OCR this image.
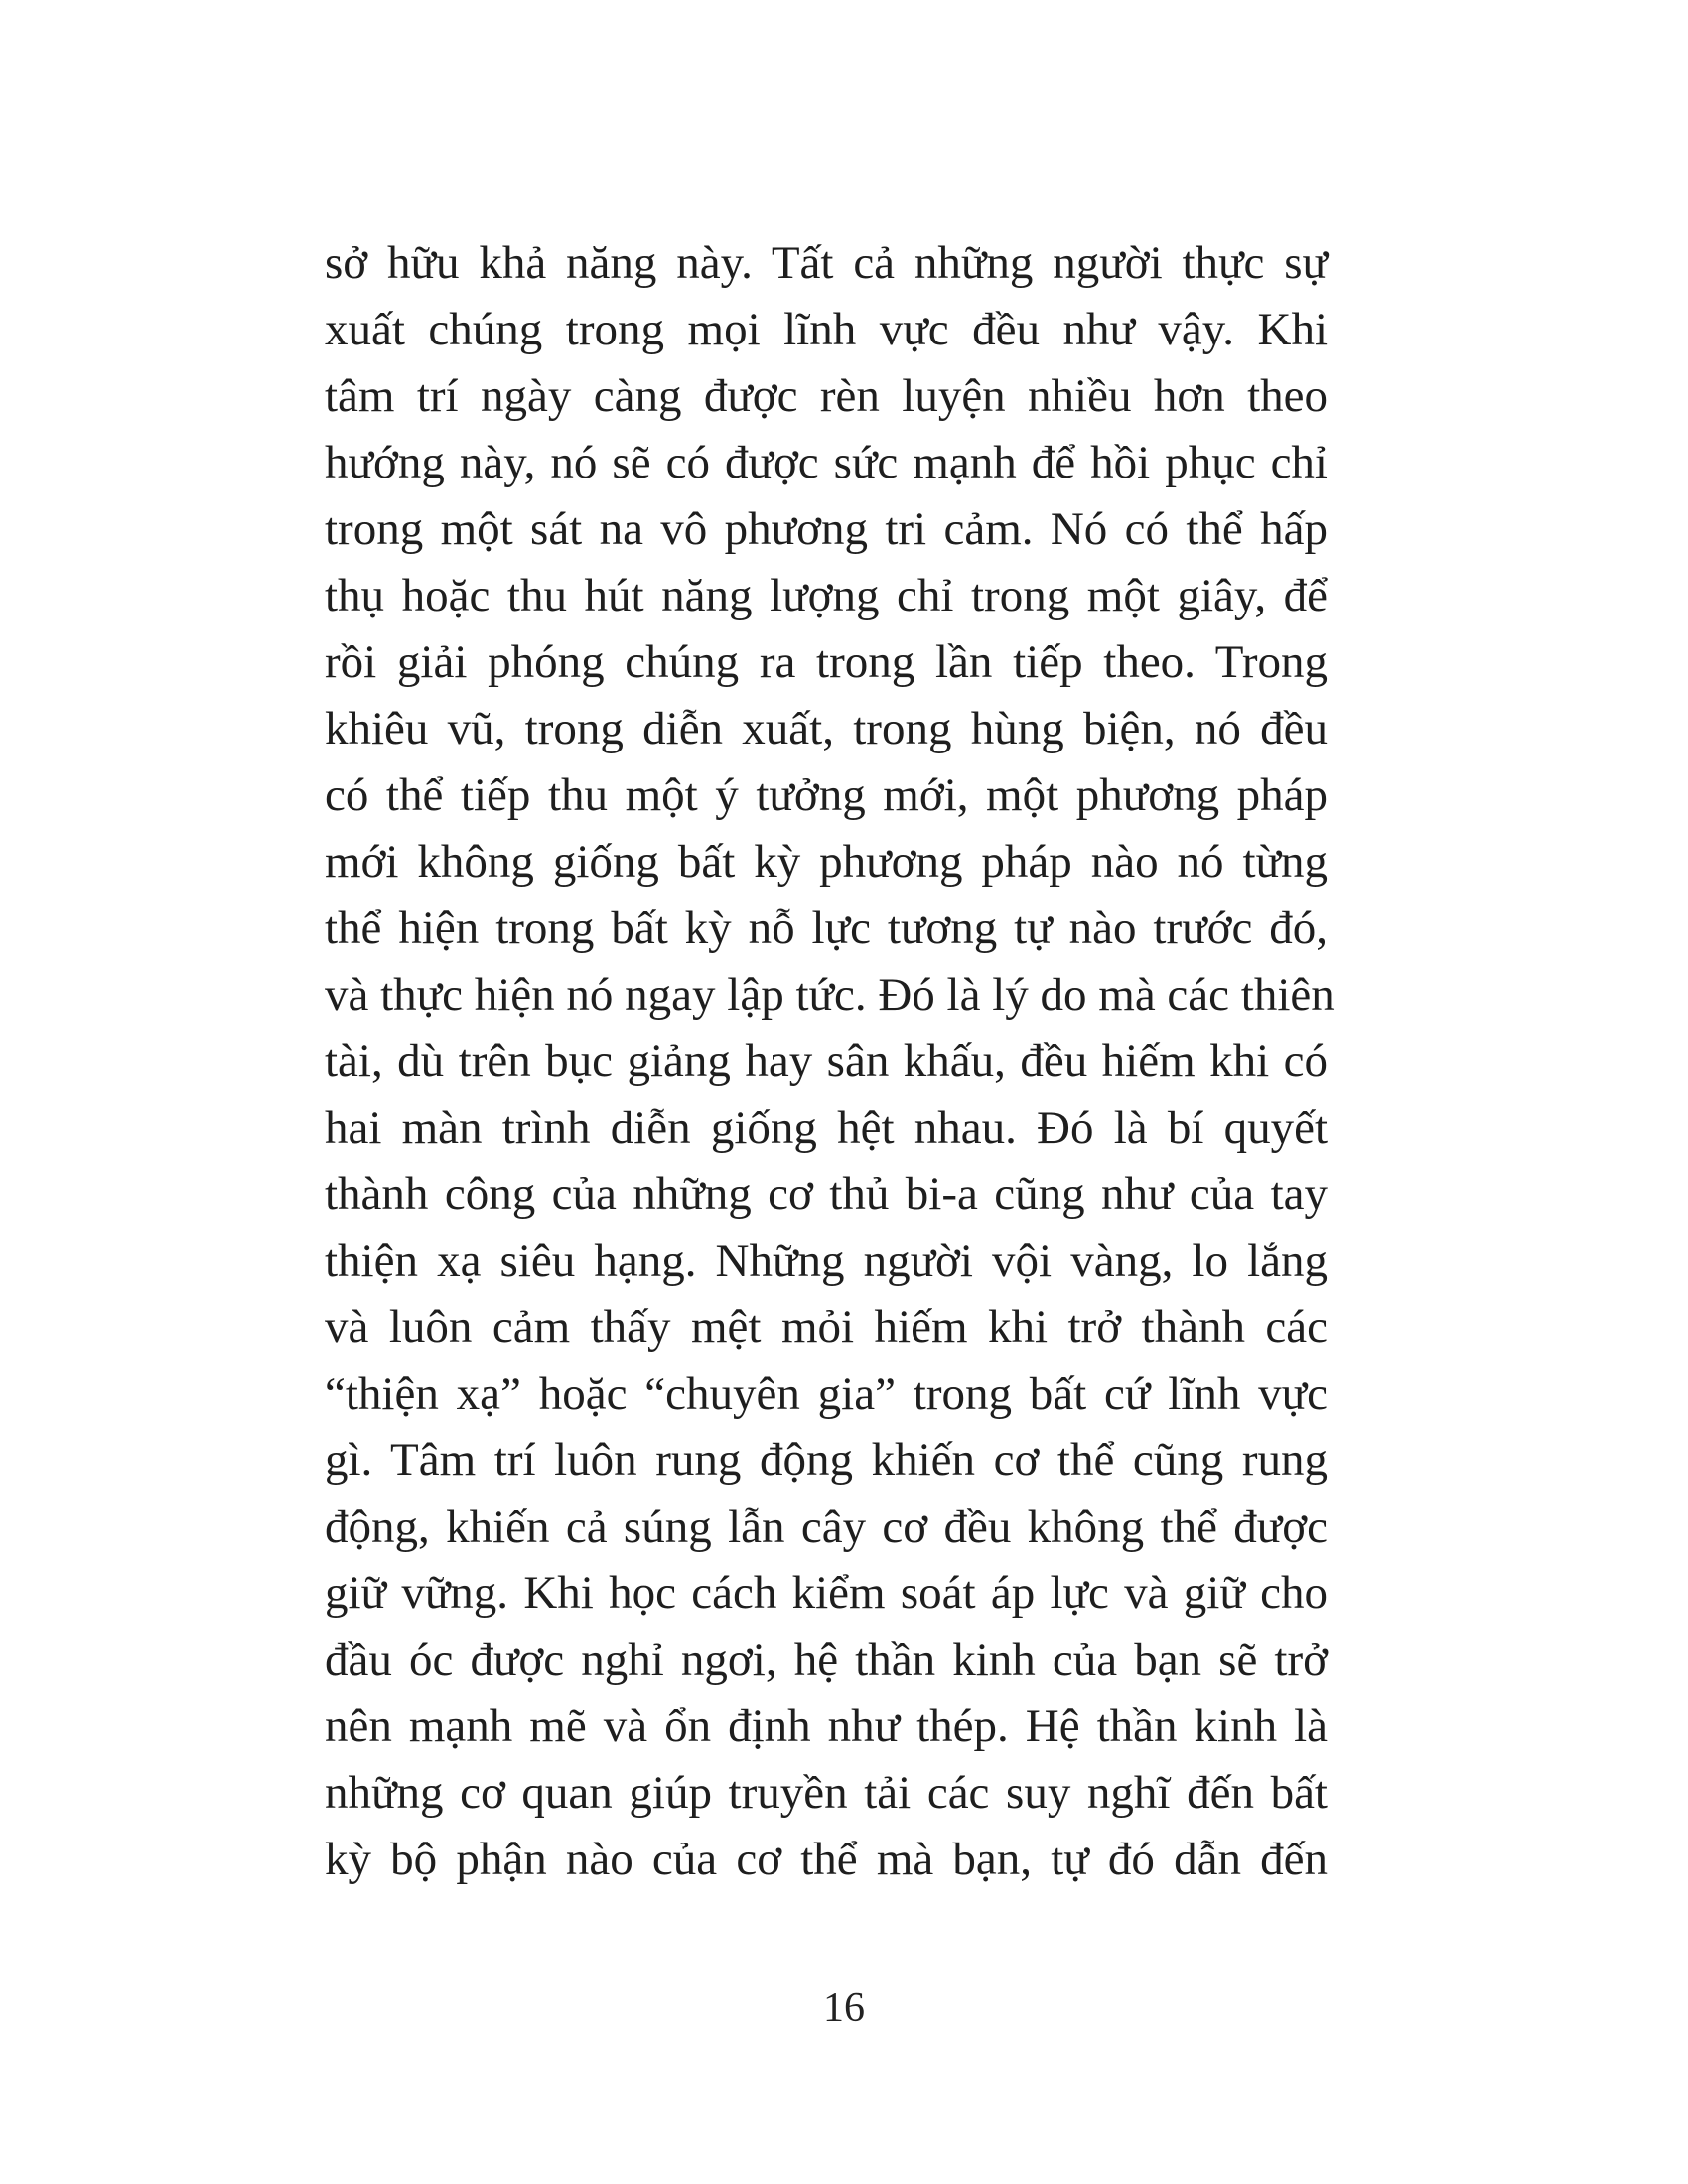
sở hữu khả năng này. Tất cả những người thực sự
xuất chúng trong mọi lĩnh vực đều như vậy. Khi
tâm trí ngày càng được rèn luyện nhiều hơn theo
hướng này, nó sẽ có được sức mạnh để hồi phục chỉ
trong một sát na vô phương tri cảm. Nó có thể hấp
thụ hoặc thu hút năng lượng chỉ trong một giây, để
rồi giải phóng chúng ra trong lần tiếp theo. Trong
khiêu vũ, trong diễn xuất, trong hùng biện, nó đều
có thể tiếp thu một ý tưởng mới, một phương pháp
mới không giống bất kỳ phương pháp nào nó từng
thể hiện trong bất kỳ nỗ lực tương tự nào trước đó,
và thực hiện nó ngay lập tức. Đó là lý do mà các thiên
tài, dù trên bục giảng hay sân khấu, đều hiếm khi có
hai màn trình diễn giống hệt nhau. Đó là bí quyết
thành công của những cơ thủ bi-a cũng như của tay
thiện xạ siêu hạng. Những người vội vàng, lo lắng
và luôn cảm thấy mệt mỏi hiếm khi trở thành các
“thiện xạ” hoặc “chuyên gia” trong bất cứ lĩnh vực
gì. Tâm trí luôn rung động khiến cơ thể cũng rung
động, khiến cả súng lẫn cây cơ đều không thể được
giữ vững. Khi học cách kiểm soát áp lực và giữ cho
đầu óc được nghỉ ngơi, hệ thần kinh của bạn sẽ trở
nên mạnh mẽ và ổn định như thép. Hệ thần kinh là
những cơ quan giúp truyền tải các suy nghĩ đến bất
kỳ bộ phận nào của cơ thể mà bạn, tự đó dẫn đến
16
